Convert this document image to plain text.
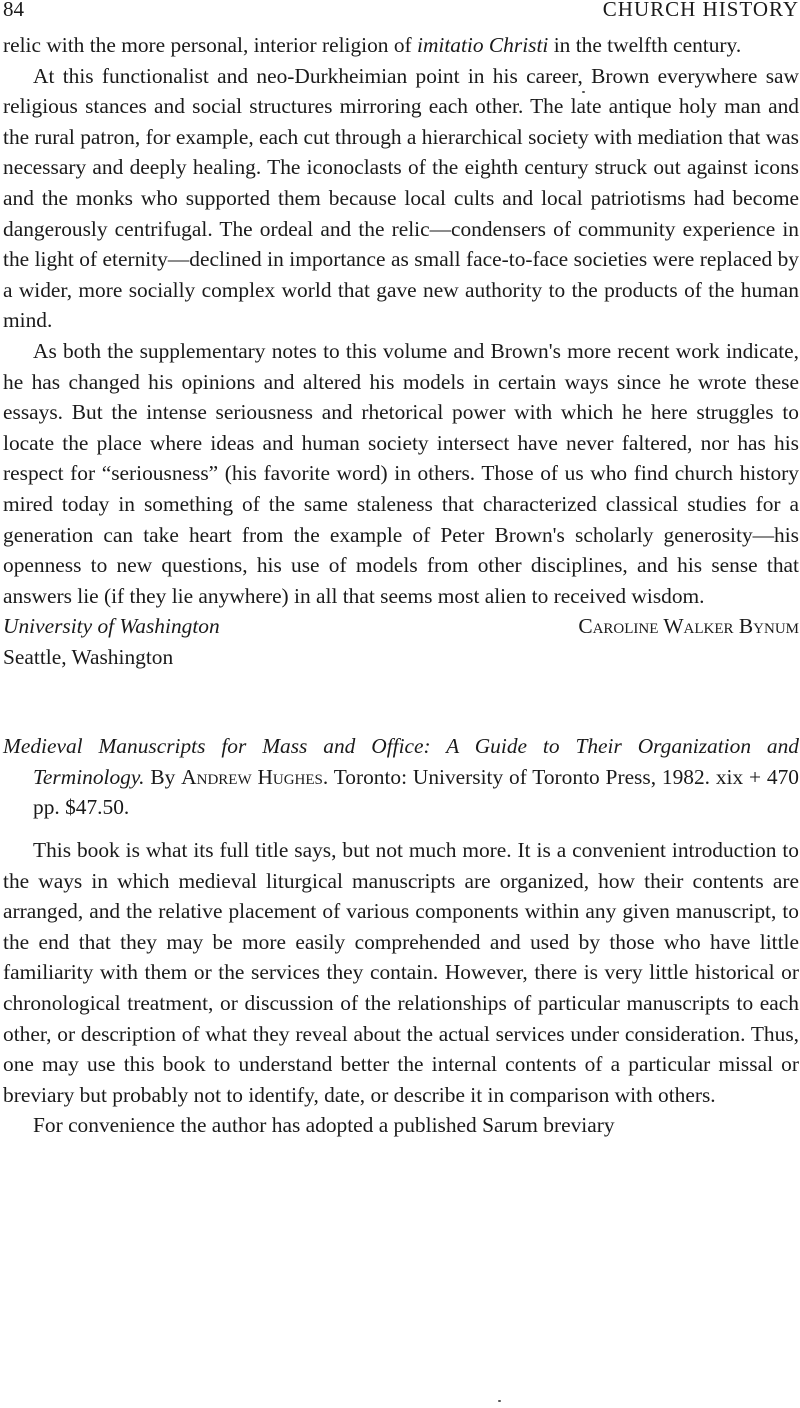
84	CHURCH HISTORY

relic with the more personal, interior religion of imitatio Christi in the twelfth century.

At this functionalist and neo-Durkheimian point in his career, Brown everywhere saw religious stances and social structures mirroring each other. The late antique holy man and the rural patron, for example, each cut through a hierarchical society with mediation that was necessary and deeply healing. The iconoclasts of the eighth century struck out against icons and the monks who supported them because local cults and local patriotisms had become dangerously centrifugal. The ordeal and the relic—condensers of community experience in the light of eternity—declined in importance as small face-to-face societies were replaced by a wider, more socially complex world that gave new authority to the products of the human mind.

As both the supplementary notes to this volume and Brown's more recent work indicate, he has changed his opinions and altered his models in certain ways since he wrote these essays. But the intense seriousness and rhetorical power with which he here struggles to locate the place where ideas and human society intersect have never faltered, nor has his respect for “seriousness” (his favorite word) in others. Those of us who find church history mired today in something of the same staleness that characterized classical studies for a generation can take heart from the example of Peter Brown's scholarly generosity—his openness to new questions, his use of models from other disciplines, and his sense that answers lie (if they lie anywhere) in all that seems most alien to received wisdom.

University of Washington
Seattle, Washington
Caroline Walker Bynum
Medieval Manuscripts for Mass and Office: A Guide to Their Organization and Terminology. By Andrew Hughes. Toronto: University of Toronto Press, 1982. xix + 470 pp. $47.50.

This book is what its full title says, but not much more. It is a convenient introduction to the ways in which medieval liturgical manuscripts are organized, how their contents are arranged, and the relative placement of various components within any given manuscript, to the end that they may be more easily comprehended and used by those who have little familiarity with them or the services they contain. However, there is very little historical or chronological treatment, or discussion of the relationships of particular manuscripts to each other, or description of what they reveal about the actual services under consideration. Thus, one may use this book to understand better the internal contents of a particular missal or breviary but probably not to identify, date, or describe it in comparison with others.

For convenience the author has adopted a published Sarum breviary
